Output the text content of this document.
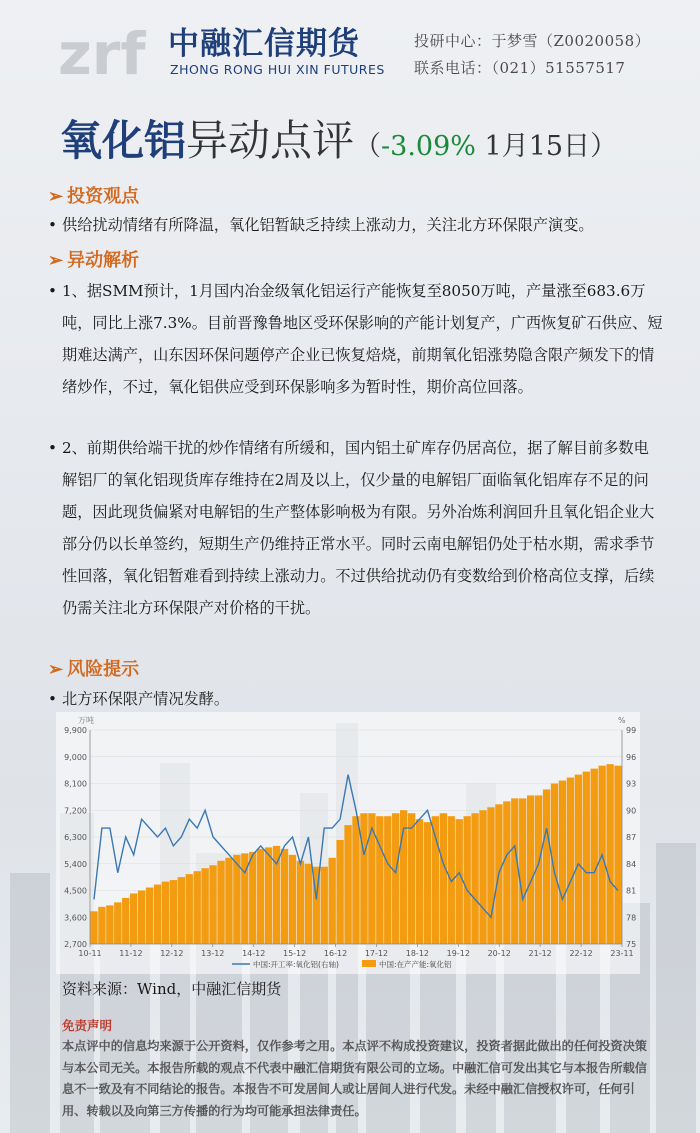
zrf 中融汇信期货
ZHONG RONG HUI XIN FUTURES
投研中心：于梦雪（Z0020058）
联系电话：（021）51557517
氧化铝异动点评（-3.09% 1月15日）
➢ 投资观点
• 供给扰动情绪有所降温，氧化铝暂缺乏持续上涨动力，关注北方环保限产演变。
➢ 异动解析
• 1、据SMM预计，1月国内冶金级氧化铝运行产能恢复至8050万吨，产量涨至683.6万吨，同比上涨7.3%。目前晋豫鲁地区受环保影响的产能计划复产，广西恢复矿石供应、短期难达满产，山东因环保问题停产企业已恢复焙烧，前期氧化铝涨势隐含限产频发下的情绪炒作，不过，氧化铝供应受到环保影响多为暂时性，期价高位回落。
• 2、前期供给端干扰的炒作情绪有所缓和，国内铝土矿库存仍居高位，据了解目前多数电解铝厂的氧化铝现货库存维持在2周及以上，仅少量的电解铝厂面临氧化铝库存不足的问题，因此现货偏紧对电解铝的生产整体影响极为有限。另外冶炼利润回升且氧化铝企业大部分仍以长单签约，短期生产仍维持正常水平。同时云南电解铝仍处于枯水期，需求季节性回落，氧化铝暂难看到持续上涨动力。不过供给扰动仍有变数给到价格高位支撑，后续仍需关注北方环保限产对价格的干扰。
➢ 风险提示
• 北方环保限产情况发酵。
万吨	%
9,900
9,000
8,100
7,200
6,300
5,400
4,500
3,600
2,700
99
96
93
90
87
84
81
78
75
10-11 11-12 12-12 13-12 14-12 15-12 16-12 17-12 18-12 19-12 20-12 21-12 22-12 23-11
中国:开工率:氧化铝(右轴)	中国:在产产能:氧化铝
资料来源：Wind，中融汇信期货
免责声明
本点评中的信息均来源于公开资料，仅作参考之用。本点评不构成投资建议，投资者据此做出的任何投资决策与本公司无关。本报告所载的观点不代表中融汇信期货有限公司的立场。中融汇信可发出其它与本报告所载信息不一致及有不同结论的报告。本报告不可发居间人或让居间人进行代发。未经中融汇信授权许可，任何引用、转载以及向第三方传播的行为均可能承担法律责任。
